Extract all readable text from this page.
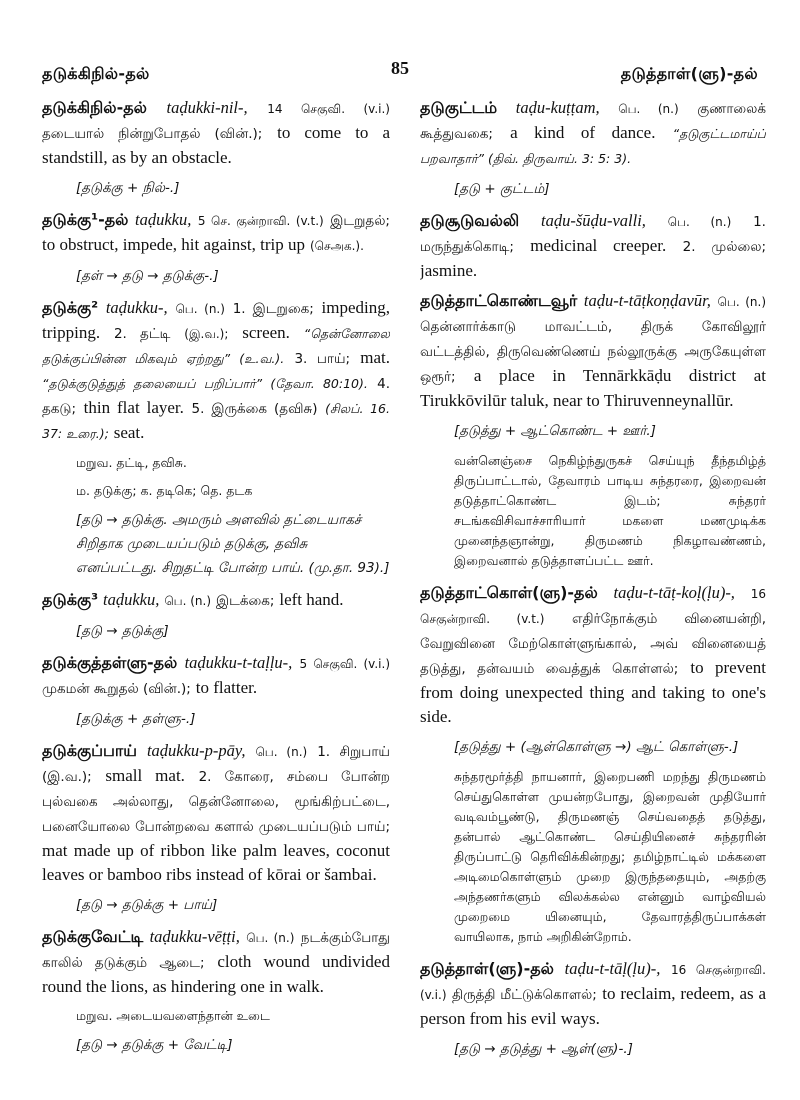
தடுக்கிநில்-தல்	85	தடுத்தாள்(ளு)-தல்
தடுக்கிநில்-தல் taḍukki-nil-, 14 செகுவி. (v.i.) தடையால் நின்றுபோதல் (வின்.); to come to a standstill, as by an obstacle.
[தடுக்கு + நில்-.]
தடுக்கு¹-தல் taḍukku, 5 செ. குன்றாவி. (v.t.) இடறுதல்; to obstruct, impede, hit against, trip up (செஅக.).
[தள் → தடு → தடுக்கு-.]
தடுக்கு² taḍukku-, பெ. (n.) 1. இடறுகை; impeding, tripping. 2. தட்டி (இ.வ.); screen. “தென்னோலை தடுக்குப்பின்ன மிகவும் ஏற்றது” (உ.வ.). 3. பாய்; mat. “தடுக்குடுத்துத் தலையைப் பறிப்பார்” (தேவா. 80:10). 4. தகடு; thin flat layer. 5. இருக்கை (தவிசு) (சிலப். 16. 37: உரை.); seat.
மறுவ. தட்டி, தவிசு.
ம. தடுக்கு; க. தடிகெ; தெ. தடக
[தடு → தடுக்கு. அமரும் அளவில் தட்டையாகச் சிறிதாக முடையப்படும் தடுக்கு, தவிசு எனப்பட்டது. சிறுதட்டி போன்ற பாய். (மு.தா. 93).]
தடுக்கு³ taḍukku, பெ. (n.) இடக்கை; left hand.
[தடு → தடுக்கு]
தடுக்குத்தள்ளு-தல் taḍukku-t-taḷḷu-, 5 செகுவி. (v.i.) முகமன் கூறுதல் (வின்.); to flatter.
[தடுக்கு + தள்ளு-.]
தடுக்குப்பாய் taḍukku-p-pāy, பெ. (n.) 1. சிறுபாய் (இ.வ.); small mat. 2. கோரை, சம்பை போன்ற புல்வகை அல்லாது, தென்னோலை, மூங்கிற்பட்டை, பனையோலை போன்றவை களால் முடையப்படும் பாய்; mat made up of ribbon like palm leaves, coconut leaves or bamboo ribs instead of kōrai or šambai.
[தடு → தடுக்கு + பாய்]
தடுக்குவேட்டி taḍukku-vēṭṭi, பெ. (n.) நடக்கும்போது காலில் தடுக்கும் ஆடை; cloth wound undivided round the lions, as hindering one in walk.
மறுவ. அடையவளைந்தான் உடை
[தடு → தடுக்கு + வேட்டி]
தடுகுட்டம் taḍu-kuṭṭam, பெ. (n.) குணாலைக் கூத்துவகை; a kind of dance. “தடுகுட்டமாய்ப் பறவாதார்” (திவ். திருவாய். 3: 5: 3).
[தடு + குட்டம்]
தடுசூடுவல்லி taḍu-šūḍu-valli, பெ. (n.) 1. மருந்துக்கொடி; medicinal creeper. 2. முல்லை; jasmine.
தடுத்தாட்கொண்டவூர் taḍu-t-tāṭkoṇḍavūr, பெ. (n.) தென்னார்க்காடு மாவட்டம், திருக் கோவிலூர் வட்டத்தில், திருவெண்ணெய் நல்லூருக்கு அருகேயுள்ள ஒரூர்; a place in Tennārkkāḍu district at Tirukkōvilūr taluk, near to Thiruvenneynallūr.
[தடுத்து + ஆட்கொண்ட + ஊர்.]
வன்னெஞ்சை நெகிழ்ந்துருகச் செய்யுந் தீந்தமிழ்த் திருப்பாட்டால், தேவாரம் பாடிய சுந்தரரை, இறைவன் தடுத்தாட்கொண்ட இடம்; சுந்தரர் சடங்கவிசிவாச்சாரியார் மகளை மணமுடிக்க முனைந்தஞான்று, திருமணம் நிகழாவண்ணம், இறைவனால் தடுத்தாளப்பட்ட ஊர்.
தடுத்தாட்கொள்(ளு)-தல் taḍu-t-tāṭ-koḷ(ḷu)-, 16 செகுன்றாவி. (v.t.) எதிர்நோக்கும் வினையன்றி, வேறுவினை மேற்கொள்ளுங்கால், அவ் வினையைத் தடுத்து, தன்வயம் வைத்துக் கொள்ளல்; to prevent from doing unexpected thing and taking to one's side.
[தடுத்து + (ஆள்கொள்ளு →) ஆட் கொள்ளு-.]
சுந்தரமூர்த்தி நாயனார், இறைபணி மறந்து திருமணம் செய்துகொள்ள முயன்றபோது, இறைவன் முதியோர் வடிவம்பூண்டு, திருமணஞ் செய்வதைத் தடுத்து, தன்பால் ஆட்கொண்ட செய்தியினைச் சுந்தரரின் திருப்பாட்டு தெரிவிக்கின்றது; தமிழ்நாட்டில் மக்களை அடிமைகொள்ளும் முறை இருந்ததையும், அதற்கு அந்தணர்களும் விலக்கல்ல என்னும் வாழ்வியல் முறைமை யினையும், தேவாரத்திருப்பாக்கள் வாயிலாக, நாம் அறிகின்றோம்.
தடுத்தாள்(ளு)-தல் taḍu-t-tāḷ(ḷu)-, 16 செகுன்றாவி. (v.i.) திருத்தி மீட்டுக்கொளல்; to reclaim, redeem, as a person from his evil ways.
[தடு → தடுத்து + ஆள்(ளு)-.]
